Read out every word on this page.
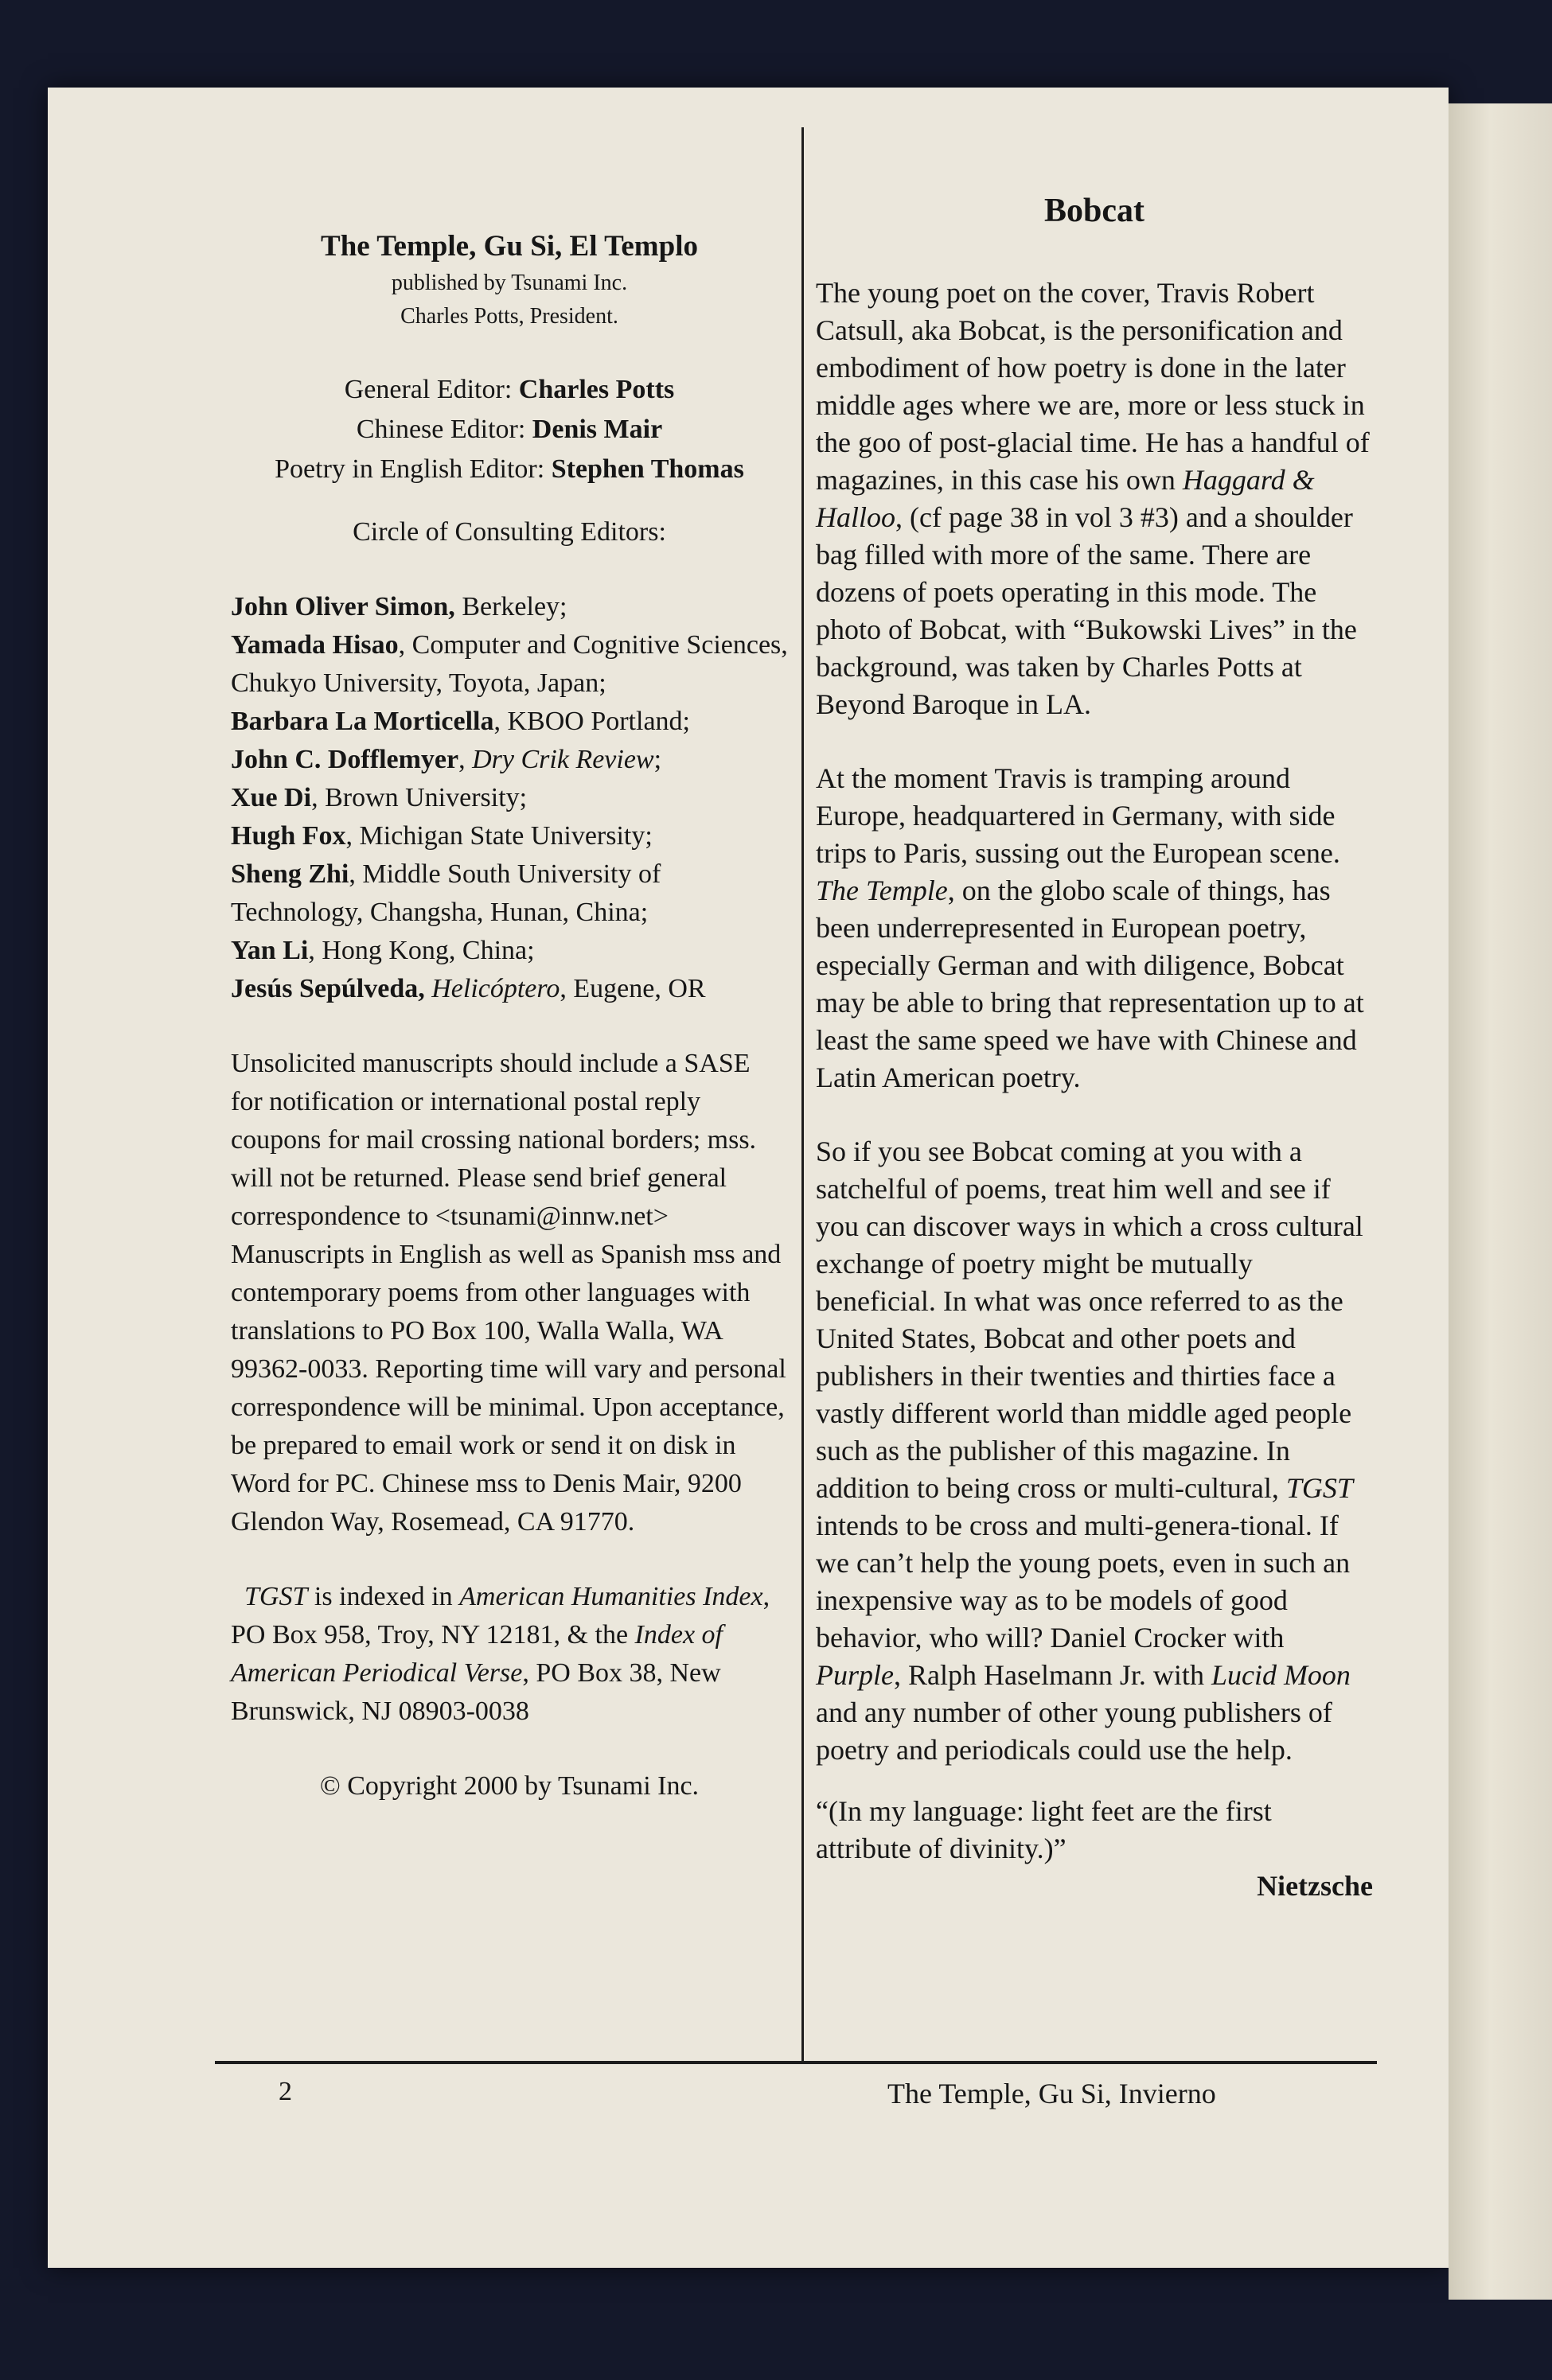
The Temple, Gu Si, El Templo
published by Tsunami Inc.
Charles Potts, President.
General Editor: Charles Potts
Chinese Editor: Denis Mair
Poetry in English Editor: Stephen Thomas
Circle of Consulting Editors:

John Oliver Simon, Berkeley;

Yamada Hisao, Computer and Cognitive Sciences, Chukyo University, Toyota, Japan;

Barbara La Morticella, KBOO Portland;

John C. Dofflemyer, Dry Crik Review;

Xue Di, Brown University;

Hugh Fox, Michigan State University;

Sheng Zhi, Middle South University of Technology, Changsha, Hunan, China;

Yan Li, Hong Kong, China;

Jesús Sepúlveda, Helicóptero, Eugene, OR

Unsolicited manuscripts should include a SASE for notification or international postal reply coupons for mail crossing national borders; mss. will not be returned. Please send brief general correspondence to <tsunami@innw.net> Manuscripts in English as well as Spanish mss and contemporary poems from other languages with translations to PO Box 100, Walla Walla, WA 99362-0033. Reporting time will vary and personal correspondence will be minimal. Upon acceptance, be prepared to email work or send it on disk in Word for PC. Chinese mss to Denis Mair, 9200 Glendon Way, Rosemead, CA 91770.

TGST is indexed in American Humanities Index, PO Box 958, Troy, NY 12181, & the Index of American Periodical Verse, PO Box 38, New Brunswick, NJ 08903-0038

© Copyright 2000 by Tsunami Inc.

Bobcat

The young poet on the cover, Travis Robert Catsull, aka Bobcat, is the personification and embodiment of how poetry is done in the later middle ages where we are, more or less stuck in the goo of post-glacial time. He has a handful of magazines, in this case his own Haggard & Halloo, (cf page 38 in vol 3 #3) and a shoulder bag filled with more of the same. There are dozens of poets operating in this mode. The photo of Bobcat, with “Bukowski Lives” in the background, was taken by Charles Potts at Beyond Baroque in LA.

At the moment Travis is tramping around Europe, headquartered in Germany, with side trips to Paris, sussing out the European scene. The Temple, on the globo scale of things, has been underrepresented in European poetry, especially German and with diligence, Bobcat may be able to bring that representation up to at least the same speed we have with Chinese and Latin American poetry.

So if you see Bobcat coming at you with a satchelful of poems, treat him well and see if you can discover ways in which a cross cultural exchange of poetry might be mutually beneficial. In what was once referred to as the United States, Bobcat and other poets and publishers in their twenties and thirties face a vastly different world than middle aged people such as the publisher of this magazine. In addition to being cross or multi-cultural, TGST intends to be cross and multi-genera-tional. If we can’t help the young poets, even in such an inexpensive way as to be models of good behavior, who will? Daniel Crocker with Purple, Ralph Haselmann Jr. with Lucid Moon and any number of other young publishers of poetry and periodicals could use the help.

“(In my language: light feet are the first attribute of divinity.)”
Nietzsche
2	The Temple, Gu Si, Invierno
